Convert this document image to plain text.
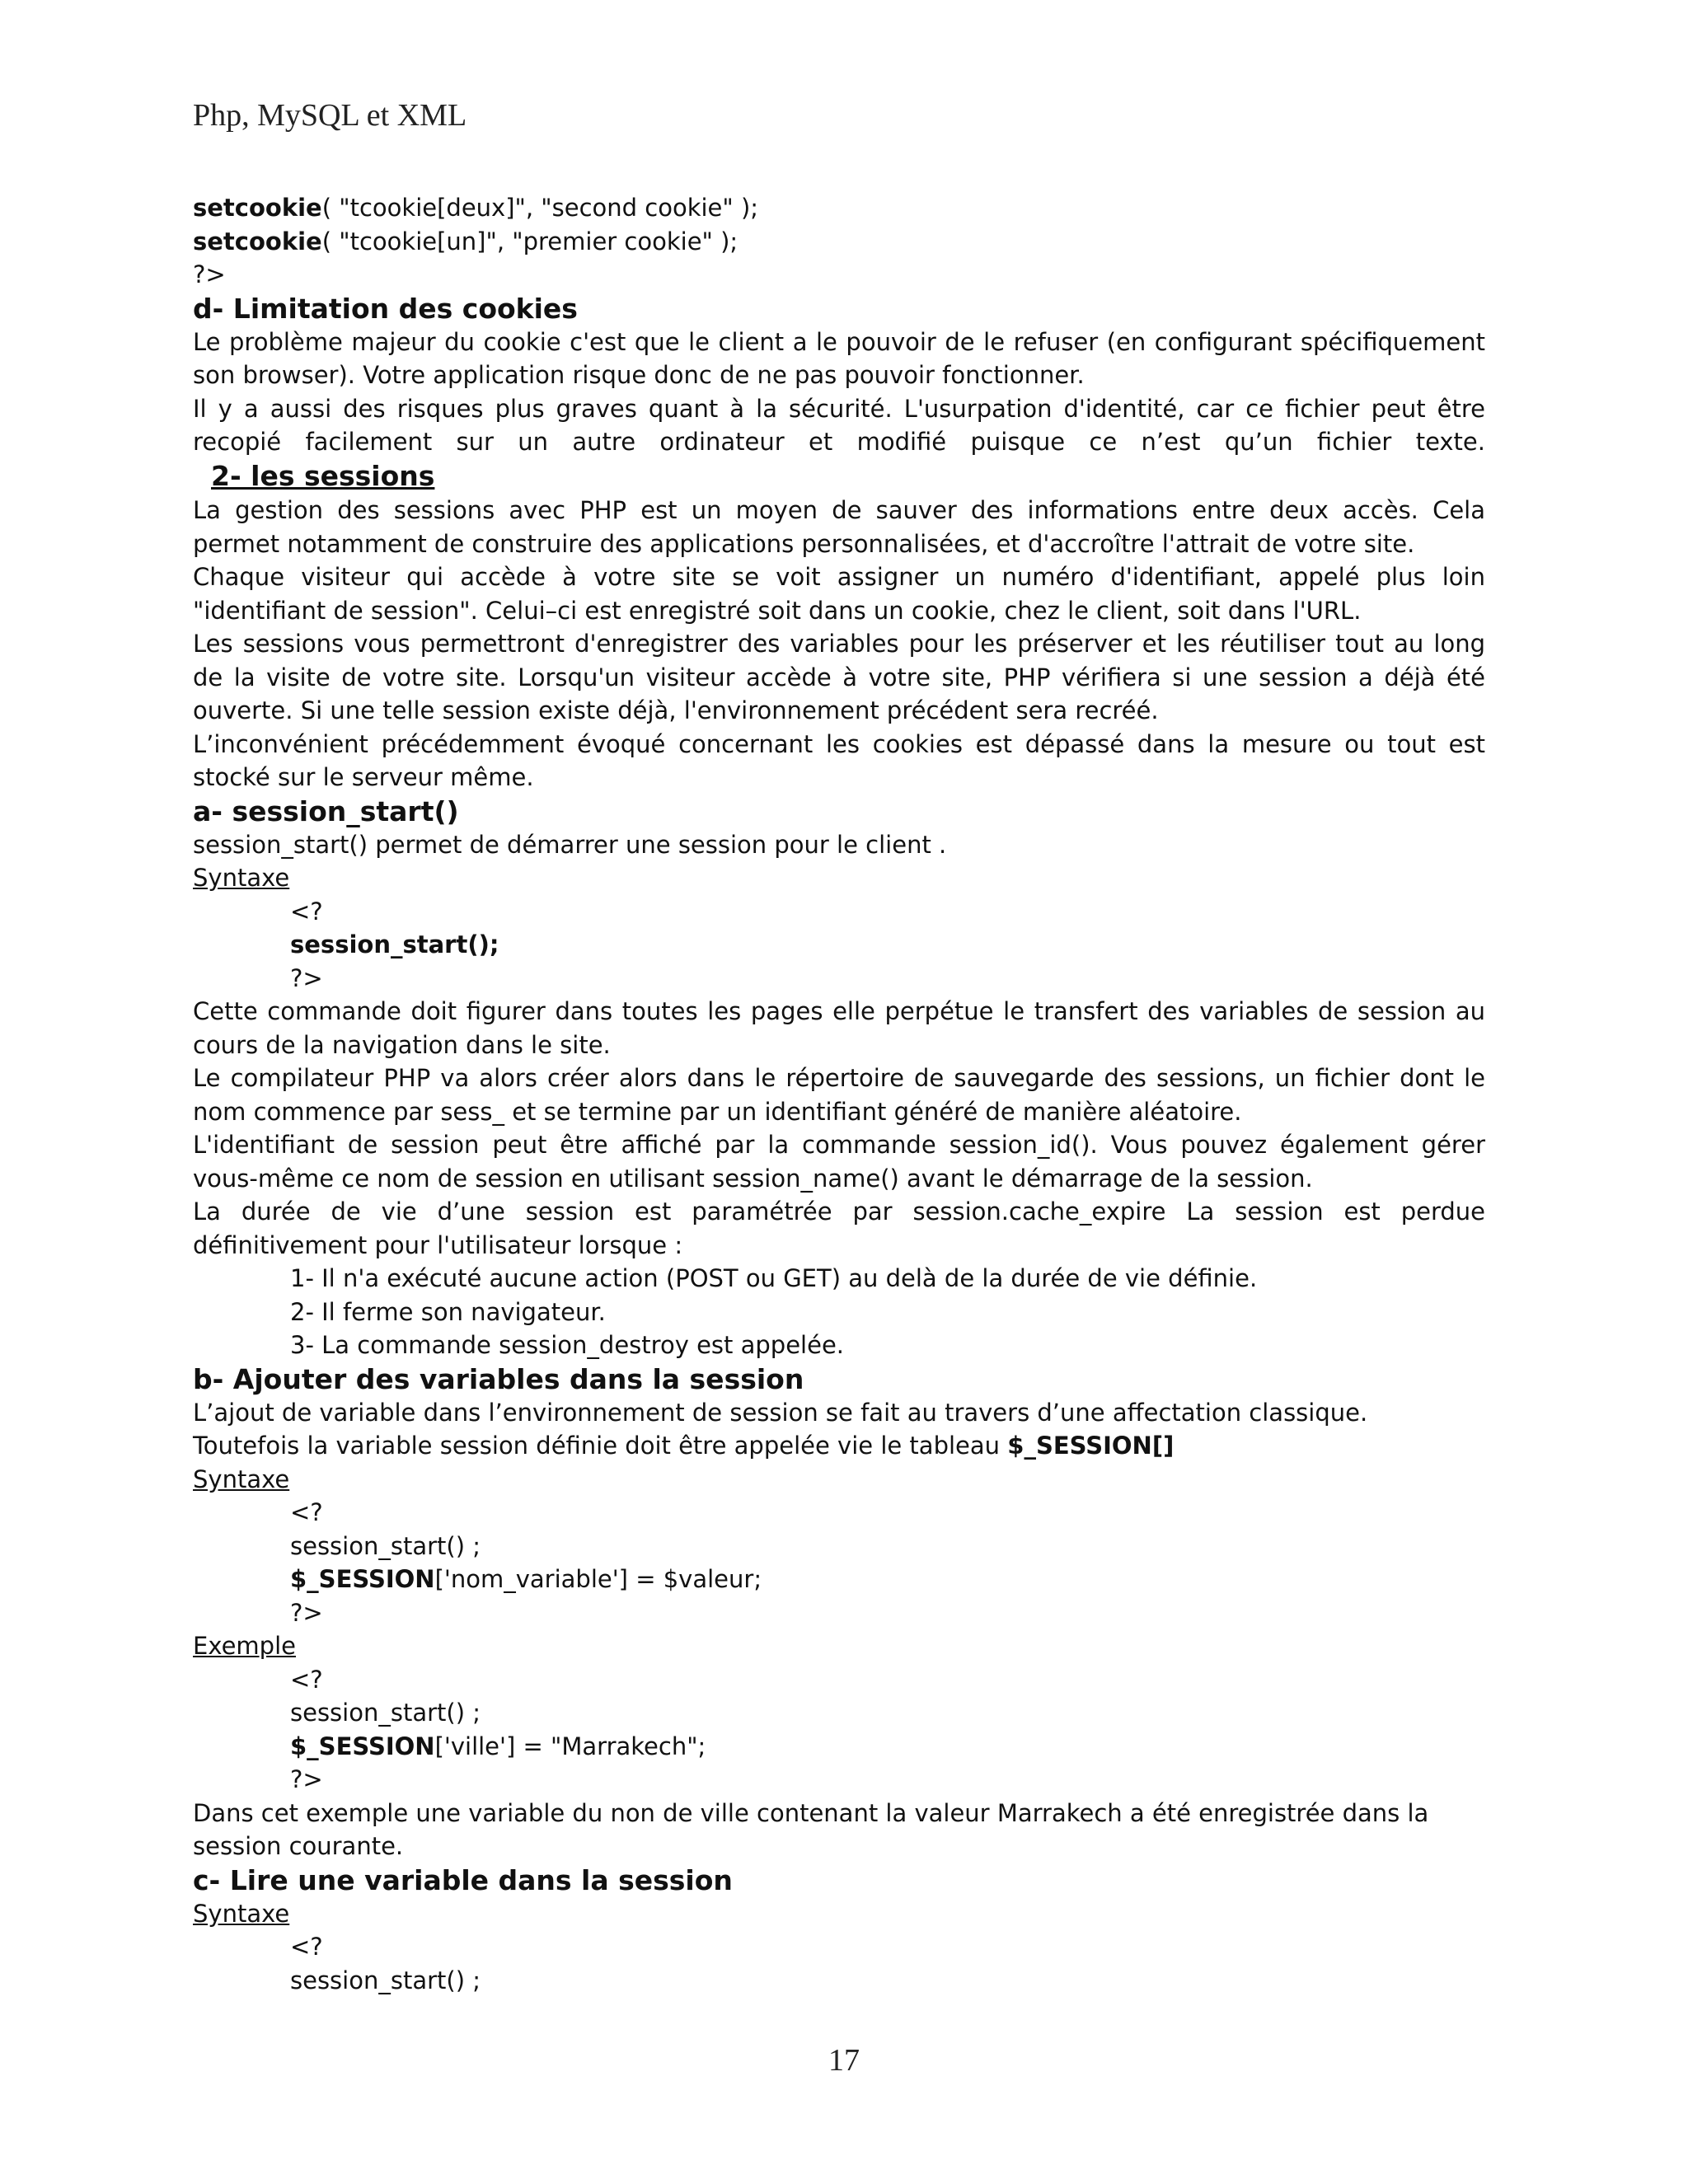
Php, MySQL et XML
setcookie( "tcookie[deux]", "second cookie" );
setcookie( "tcookie[un]", "premier cookie" );
?>
d- Limitation des cookies
Le problème majeur du cookie c'est que le client a le pouvoir de le refuser (en configurant spécifiquement
son browser). Votre application risque donc de ne pas pouvoir fonctionner.
Il y a aussi des risques plus graves quant à la sécurité. L'usurpation d'identité, car ce fichier peut être
recopié facilement sur un autre ordinateur et modifié puisque ce n’est qu’un fichier texte.
2- les sessions
La gestion des sessions avec PHP est un moyen de sauver des informations entre deux accès. Cela
permet notamment de construire des applications personnalisées, et d'accroître l'attrait de votre site.
Chaque visiteur qui accède à votre site se voit assigner un numéro d'identifiant, appelé plus loin
"identifiant de session". Celui–ci est enregistré soit dans un cookie, chez le client, soit dans l'URL.
Les sessions vous permettront d'enregistrer des variables pour les préserver et les réutiliser tout au long
de la visite de votre site. Lorsqu'un visiteur accède à votre site, PHP vérifiera si une session a déjà été
ouverte. Si une telle session existe déjà, l'environnement précédent sera recréé.
L’inconvénient précédemment évoqué concernant les cookies est dépassé dans la mesure ou tout est
stocké sur le serveur même.
a- session_start()
session_start() permet de démarrer une session pour le client .
Syntaxe
<?
session_start();
?>
Cette commande doit figurer dans toutes les pages elle perpétue le transfert des variables de session au
cours de la navigation dans le site.
Le compilateur PHP va alors créer alors dans le répertoire de sauvegarde des sessions, un fichier dont le
nom commence par sess_ et se termine par un identifiant généré de manière aléatoire.
L'identifiant de session peut être affiché par la commande session_id(). Vous pouvez également gérer
vous-même ce nom de session en utilisant session_name() avant le démarrage de la session.
La durée de vie d’une session est paramétrée par session.cache_expire La session est perdue
définitivement pour l'utilisateur lorsque :
1- Il n'a exécuté aucune action (POST ou GET) au delà de la durée de vie définie.
2- Il ferme son navigateur.
3- La commande session_destroy est appelée.
b- Ajouter des variables dans la session
L’ajout de variable dans l’environnement de session se fait au travers d’une affectation classique.
Toutefois la variable session définie doit être appelée vie le tableau $_SESSION[]
Syntaxe
<?
session_start() ;
$_SESSION['nom_variable'] = $valeur;
?>
Exemple
<?
session_start() ;
$_SESSION['ville'] = "Marrakech";
?>
Dans cet exemple une variable du non de ville contenant la valeur Marrakech a été enregistrée dans la
session courante.
c- Lire une variable dans la session
Syntaxe
<?
session_start() ;
17
